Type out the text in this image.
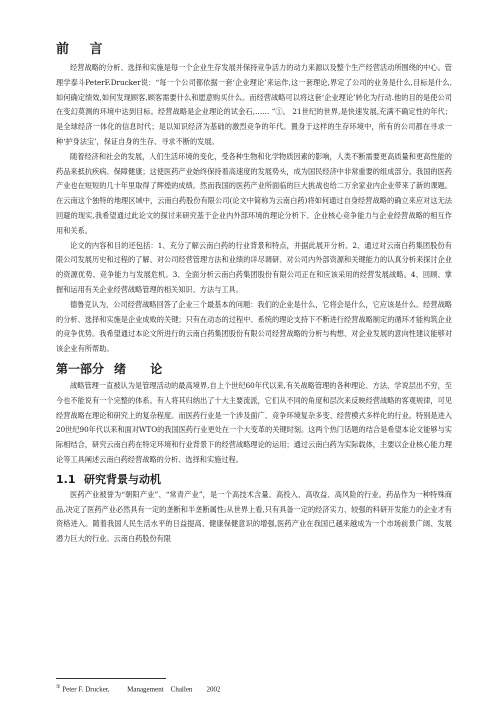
前 言

经营战略的分析、选择和实施是每一个企业生存发展并保持竞争活力的动力来源以及整个生产经营活动所围绕的中心。管理学泰斗PeterF.Drucker说：“每一个公司都依据一套‘企业理论’来运作,这一套理论,界定了公司的业务是什么,目标是什么,如何确定绩效,如何发现顾客,顾客需要什么和愿意购买什么。而经营战略可以将这套‘企业理论’转化为行动.他的目的是使公司在变幻莫测的环境中达到目标。经营战略是企业理论的试金石,…… ”①。 21世纪的世界,是快速发展,充满不确定性的年代；是全球经济一体化的信息时代；是以知识经济为基础的激烈竞争的年代。置身于这样的生存环境中，所有的公司都在寻求一种‘护身法宝’，保证自身的生存、寻求不断的发展。

随着经济和社会的发展，人们生活环境的变化，受各种生物和化学物质因素的影响，人类不断需要更高质量和更高性能的药品来抵抗疾病、保障健康；这使医药产业始终保持着高速度的发展势头，成为国民经济中非常重要的组成部分。我国的医药产业也在短短的几十年里取得了辉煌的成绩。然而我国的医药产业所面临的巨大挑战也给二万余家业内企业带来了新的课题。在云南这个独特的地理区域中，云南白药股份有限公司(论文中简称为云南白药)将如何通过自身经营战略的确立来应对这无法回避的现实,我希望通过此论文的探讨来研究基于企业内外部环境的理论分析下、企业核心竞争能力与企业经营战略的相互作用和关系。

论文的内容和目的还包括：1、充分了解云南白药的行业背景和特点，并据此展开分析。2、通过对云南白药集团股份有限公司发展历史和过程的了解、对公司经营管理方法和业绩的详尽调研、对公司内外部资源和关键能力的认真分析来探讨企业的资源优势、竞争能力与发展危机。3、全面分析云南白药集团股份有限公司正在和应该采用的经营发展战略。4、回顾、掌握和运用有关企业经营战略管理的相关知识、方法与工具。

德鲁克认为，公司经营战略回答了企业三个最基本的问题：我们的企业是什么，它将会是什么，它应该是什么。经营战略的分析、选择和实施是企业成败的关键；只有在动态的过程中、系统的理论支持下不断进行经营战略制定的循环才能构筑企业的竞争优势。我希望通过本论文所进行的云南白药集团股份有限公司经营战略的分析与构想、对企业发展的意向性建议能够对该企业有所帮助。

第一部分 绪 论

战略管理一直被认为是管理活动的最高境界,自上个世纪60年代以来,有关战略管理的各种理论、方法、学说层出不穷，至今也不能说有一个完整的体系。有人将其归纳出了十大主要流派，它们从不同的角度和层次来反映经营战略的客观规律，可见经营战略在理论和研究上的复杂程度。而医药行业是一个涉及面广、竞争环境复杂多变、经营模式多样化的行业。特别是进入20世纪90年代以来和面对WTO的我国医药行业更处在一个大变革的关键时刻。这两个热门话题的结合是希望本论文能够与实际相结合，研究云南白药在特定环境和行业背景下的经营战略理论的运用；通过云南白药为实际载体，主要以企业核心能力理论等工具阐述云南白药经营战略的分析、选择和实施过程。

1.1 研究背景与动机

医药产业被誉为“朝阳产业”、“常青产业”，是一个高技术含量、高投入、高收益、高风险的行业。药品作为一种特殊商品,决定了医药产业必然具有一定的垄断和半垄断属性;从世界上看,只有具备一定的经济实力、较强的科研开发能力的企业才有资格进入。随着我国人民生活水平的日益提高、健康保健意识的增强,医药产业在我国已越来越成为一个市场前景广阔、发展潜力巨大的行业。云南白药股份有限

① Peter F. Drucker,	Management Challen 2002
